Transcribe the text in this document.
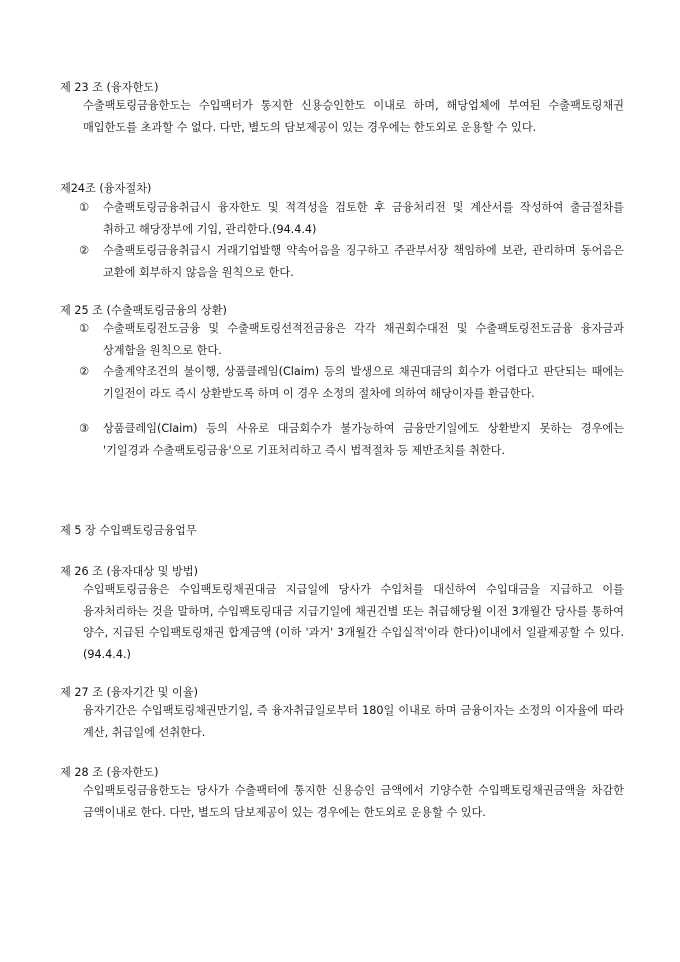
제 23 조 (융자한도)
수출팩토링금융한도는 수입팩터가 통지한 신용승인한도 이내로 하며, 해당업체에 부여된 수출팩토링채권 매입한도를 초과할 수 없다. 다만, 별도의 담보제공이 있는 경우에는 한도외로 운용할 수 있다.
제24조 (융자절차)
①	수출팩토링금융취급시 융자한도 및 적격성을 검토한 후 금융처리전 및 계산서를 작성하여 출금절차를 취하고 해당장부에 기입, 관리한다.(94.4.4)
②	수출팩토링금융취급시 거래기업발행 약속어음을 징구하고 주관부서장 책임하에 보관, 관리하며 동어음은 교환에 회부하지 않음을 원칙으로 한다.
제 25 조 (수출팩토링금융의 상환)
①	수출팩토링전도금융 및 수출팩토링선적전금융은 각각 채권회수대전 및 수출팩토링전도금융 융자금과 상계함을 원칙으로 한다.
②	수출계약조건의 불이행, 상품클레임(Claim) 등의 발생으로 채권대금의 회수가 어렵다고 판단되는 때에는 기일전이 라도 즉시 상환받도록 하며 이 경우 소정의 절차에 의하여 해당이자를 환급한다.
③	상품클레임(Claim) 등의 사유로 대금회수가 불가능하여 금융만기일에도 상환받지 못하는 경우에는 '기일경과 수출팩토링금융'으로 기표처리하고 즉시 법적절차 등 제반조치를 취한다.
제 5 장 수입팩토링금융업무
제 26 조 (융자대상 및 방법)
수입팩토링금융은 수입팩토링채권대금 지급일에 당사가 수입처를 대신하여 수입대금을 지급하고 이를 융자처리하는 것을 말하며, 수입팩토링대금 지급기일에 채권건별 또는 취급해당월 이전 3개월간 당사를 통하여 양수, 지급된 수입팩토링채권 합계금액 (이하 '과거' 3개월간 수입실적'이라 한다)이내에서 일괄제공할 수 있다.(94.4.4.)
제 27 조 (융자기간 및 이율)
융자기간은 수입팩토링채권만기일, 즉 융자취급일로부터 180일 이내로 하며 금융이자는 소정의 이자율에 따라 계산, 취급일에 선취한다.
제 28 조 (융자한도)
수입팩토링금융한도는 당사가 수출팩터에 통지한 신용승인 금액에서 기양수한 수입팩토링채권금액을 차감한 금액이내로 한다. 다만, 별도의 담보제공이 있는 경우에는 한도외로 운용할 수 있다.
